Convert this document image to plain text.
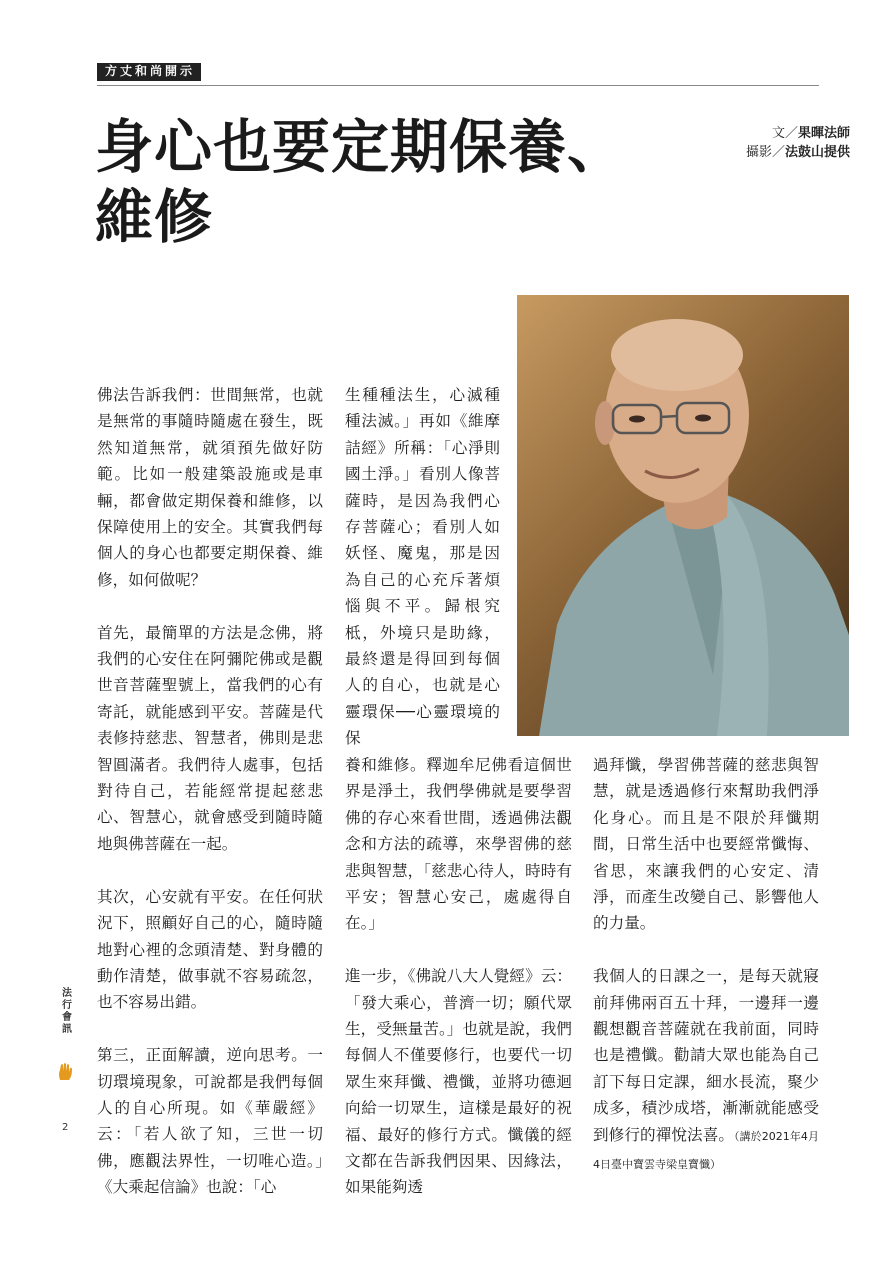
方丈和尚開示
身心也要定期保養、維修
文／果暉法師
攝影／法鼓山提供

佛法告訴我們：世間無常，也就是無常的事隨時隨處在發生，既然知道無常，就須預先做好防範。比如一般建築設施或是車輛，都會做定期保養和維修，以保障使用上的安全。其實我們每個人的身心也都要定期保養、維修，如何做呢？

首先，最簡單的方法是念佛，將我們的心安住在阿彌陀佛或是觀世音菩薩聖號上，當我們的心有寄託，就能感到平安。菩薩是代表修持慈悲、智慧者，佛則是悲智圓滿者。我們待人處事，包括對待自己，若能經常提起慈悲心、智慧心，就會感受到隨時隨地與佛菩薩在一起。

其次，心安就有平安。在任何狀況下，照顧好自己的心，隨時隨地對心裡的念頭清楚、對身體的動作清楚，做事就不容易疏忽，也不容易出錯。

第三，正面解讀，逆向思考。一切環境現象，可說都是我們每個人的自心所現。如《華嚴經》云：「若人欲了知，三世一切佛，應觀法界性，一切唯心造。」《大乘起信論》也說：「心

生種種法生，心滅種種法滅。」再如《維摩詰經》所稱：「心淨則國土淨。」看別人像菩薩時，是因為我們心存菩薩心；看別人如妖怪、魔鬼，那是因為自己的心充斥著煩惱與不平。歸根究柢，外境只是助緣，最終還是得回到每個人的自心，也就是心靈環保──心靈環境的保

養和維修。釋迦牟尼佛看這個世界是淨土，我們學佛就是要學習佛的存心來看世間，透過佛法觀念和方法的疏導，來學習佛的慈悲與智慧，「慈悲心待人，時時有平安；智慧心安己，處處得自在。」

進一步，《佛說八大人覺經》云：「發大乘心，普濟一切；願代眾生，受無量苦。」也就是說，我們每個人不僅要修行，也要代一切眾生來拜懺、禮懺，並將功德迴向給一切眾生，這樣是最好的祝福、最好的修行方式。懺儀的經文都在告訴我們因果、因緣法，如果能夠透

過拜懺，學習佛菩薩的慈悲與智慧，就是透過修行來幫助我們淨化身心。而且是不限於拜懺期間，日常生活中也要經常懺悔、省思，來讓我們的心安定、清淨，而產生改變自己、影響他人的力量。

我個人的日課之一，是每天就寢前拜佛兩百五十拜，一邊拜一邊觀想觀音菩薩就在我前面，同時也是禮懺。勸請大眾也能為自己訂下每日定課，細水長流，聚少成多，積沙成塔，漸漸就能感受到修行的禪悅法喜。（講於2021年4月4日臺中寶雲寺梁皇寶懺）

法行會訊
2
